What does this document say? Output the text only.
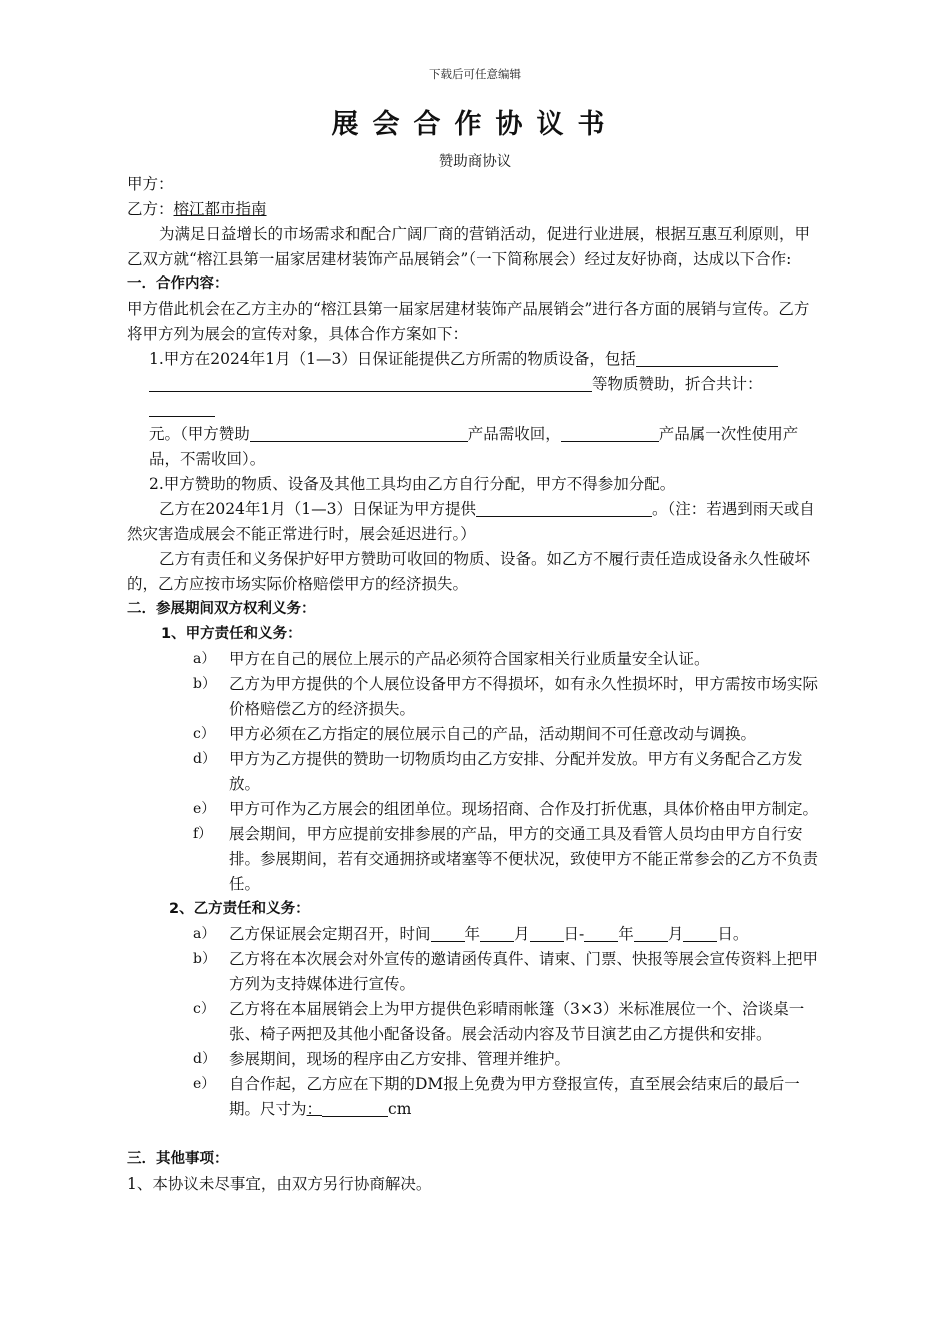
下载后可任意编辑
展会合作协议书
赞助商协议

甲方：

乙方：榕江都市指南

为满足日益增长的市场需求和配合广阔厂商的营销活动，促进行业进展，根据互惠互利原则，甲乙双方就“榕江县第一届家居建材装饰产品展销会”（一下简称展会）经过友好协商，达成以下合作:

一．合作内容：

甲方借此机会在乙方主办的“榕江县第一届家居建材装饰产品展销会”进行各方面的展销与宣传。乙方将甲方列为展会的宣传对象，具体合作方案如下：

1.甲方在2024年1月（1—3）日保证能提供乙方所需的物质设备，包括
等物质赞助，折合共计：
元。（甲方赞助	产品需收回，	产品属一次性使用产品，不需收回）。

2.甲方赞助的物质、设备及其他工具均由乙方自行分配，甲方不得参加分配。

乙方在2024年1月（1—3）日保证为甲方提供	。（注：若遇到雨天或自然灾害造成展会不能正常进行时，展会延迟进行。）

乙方有责任和义务保护好甲方赞助可收回的物质、设备。如乙方不履行责任造成设备永久性破坏的，乙方应按市场实际价格赔偿甲方的经济损失。

二．参展期间双方权利义务：

1、甲方责任和义务：

a） 甲方在自己的展位上展示的产品必须符合国家相关行业质量安全认证。
b） 乙方为甲方提供的个人展位设备甲方不得损坏，如有永久性损坏时，甲方需按市场实际价格赔偿乙方的经济损失。
c） 甲方必须在乙方指定的展位展示自己的产品，活动期间不可任意改动与调换。
d） 甲方为乙方提供的赞助一切物质均由乙方安排、分配并发放。甲方有义务配合乙方发放。
e） 甲方可作为乙方展会的组团单位。现场招商、合作及打折优惠，具体价格由甲方制定。
f）	展会期间，甲方应提前安排参展的产品，甲方的交通工具及看管人员均由甲方自行安排。参展期间，若有交通拥挤或堵塞等不便状况，致使甲方不能正常参会的乙方不负责任。

2、乙方责任和义务：

a） 乙方保证展会定期召开，时间 年 月 日- 年 月 日。
b） 乙方将在本次展会对外宣传的邀请函传真件、请柬、门票、快报等展会宣传资料上把甲方列为支持媒体进行宣传。
c） 乙方将在本届展销会上为甲方提供色彩晴雨帐篷（3×3）米标准展位一个、洽谈桌一张、椅子两把及其他小配备设备。展会活动内容及节目演艺由乙方提供和安排。
d） 参展期间，现场的程序由乙方安排、管理并维护。
e） 自合作起，乙方应在下期的DM报上免费为甲方登报宣传，直至展会结束后的最后一期。尺寸为：	cm

三．其他事项：

1、本协议未尽事宜，由双方另行协商解决。
